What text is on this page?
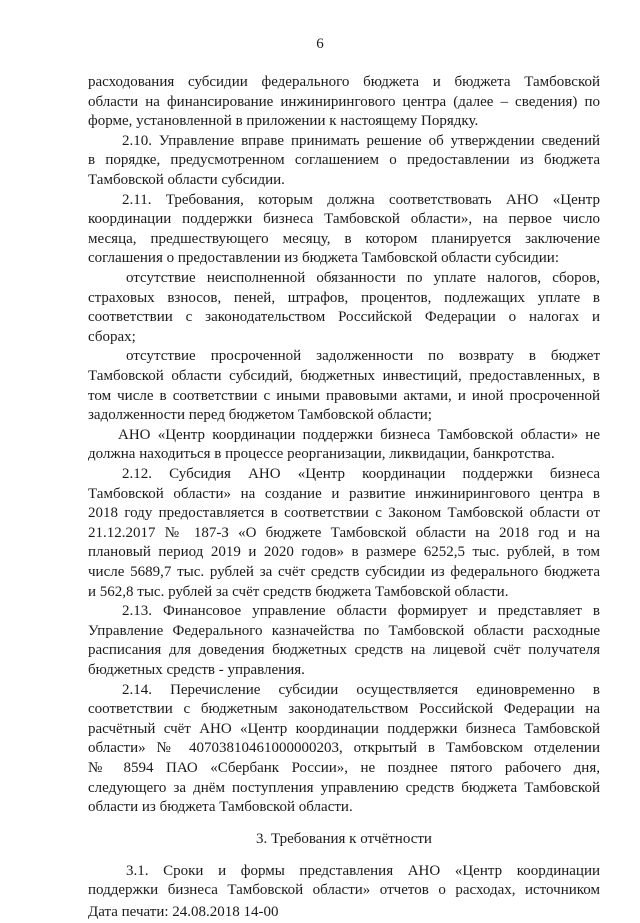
6
расходования субсидии федерального бюджета и бюджета Тамбовской
области на финансирование инжинирингового центра (далее – сведения) по
форме, установленной в приложении к настоящему Порядку.
2.10. Управление вправе принимать решение об утверждении сведений
в порядке, предусмотренном соглашением о предоставлении из бюджета
Тамбовской области субсидии.
2.11. Требования, которым должна соответствовать АНО «Центр
координации поддержки бизнеса Тамбовской области», на первое число
месяца, предшествующего месяцу, в котором планируется заключение
соглашения о предоставлении из бюджета Тамбовской области субсидии:
отсутствие неисполненной обязанности по уплате налогов, сборов,
страховых взносов, пеней, штрафов, процентов, подлежащих уплате в
соответствии с законодательством Российской Федерации о налогах и
сборах;
отсутствие просроченной задолженности по возврату в бюджет
Тамбовской области субсидий, бюджетных инвестиций, предоставленных, в
том числе в соответствии с иными правовыми актами, и иной просроченной
задолженности перед бюджетом Тамбовской области;
АНО «Центр координации поддержки бизнеса Тамбовской области» не
должна находиться в процессе реорганизации, ликвидации, банкротства.
2.12. Субсидия АНО «Центр координации поддержки бизнеса
Тамбовской области» на создание и развитие инжинирингового центра в
2018 году предоставляется в соответствии с Законом Тамбовской области от
21.12.2017 № 187-З «О бюджете Тамбовской области на 2018 год и на
плановый период 2019 и 2020 годов» в размере 6252,5 тыс. рублей, в том
числе 5689,7 тыс. рублей за счёт средств субсидии из федерального бюджета
и 562,8 тыс. рублей за счёт средств бюджета Тамбовской области.
2.13. Финансовое управление области формирует и представляет в
Управление Федерального казначейства по Тамбовской области расходные
расписания для доведения бюджетных средств на лицевой счёт получателя
бюджетных средств - управления.
2.14. Перечисление субсидии осуществляется единовременно в
соответствии с бюджетным законодательством Российской Федерации на
расчётный счёт АНО «Центр координации поддержки бизнеса Тамбовской
области» № 40703810461000000203, открытый в Тамбовском отделении
№ 8594 ПАО «Сбербанк России», не позднее пятого рабочего дня,
следующего за днём поступления управлению средств бюджета Тамбовской
области из бюджета Тамбовской области.
3. Требования к отчётности
3.1. Сроки и формы представления АНО «Центр координации
поддержки бизнеса Тамбовской области» отчетов о расходах, источником
Дата печати: 24.08.2018 14-00
